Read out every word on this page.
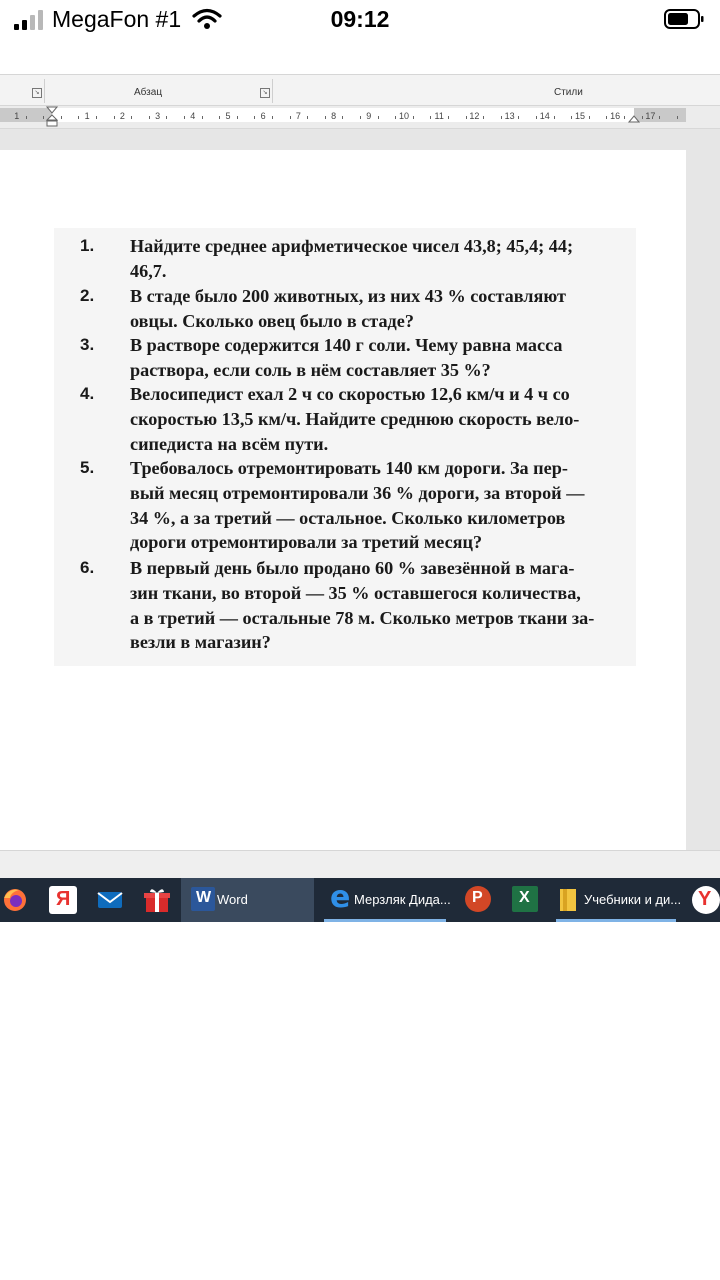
MegaFon #1	09:12
↘	Абзац	↘	Стили
1	1	2	3	4	5	6	7	8	9	10	11	12	13	14	15	16	17
1. Найдите среднее арифметическое чисел 43,8; 45,4; 44;
46,7.
2. В стаде было 200 животных, из них 43 % составляют
овцы. Сколько овец было в стаде?
3. В растворе содержится 140 г соли. Чему равна масса
раствора, если соль в нём составляет 35 %?
4. Велосипедист ехал 2 ч со скоростью 12,6 км/ч и 4 ч со
скоростью 13,5 км/ч. Найдите среднюю скорость вело-
сипедиста на всём пути.
5. Требовалось отремонтировать 140 км дороги. За пер-
вый месяц отремонтировали 36 % дороги, за второй —
34 %, а за третий — остальное. Сколько километров
дороги отремонтировали за третий месяц?
6. В первый день было продано 60 % завезённой в мага-
зин ткани, во второй — 35 % оставшегося количества,
а в третий — остальные 78 м. Сколько метров ткани за-
везли в магазин?
Я	W Word	e Мерзляк Дида... P X	Учебники и ди... Y
